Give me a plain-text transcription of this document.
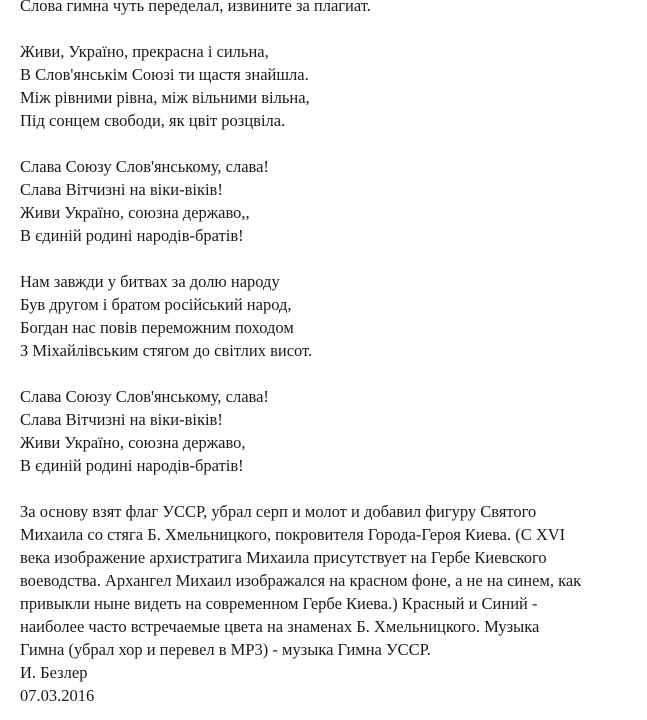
Слова гимна чуть переделал, извините за плагиат.
Живи, Україно, прекрасна і сильна,
В Слов'янськім Союзі ти щастя знайшла.
Між рівними рівна, між вільними вільна,
Під сонцем свободи, як цвіт розцвіла.
Слава Союзу Слов'янському, слава!
Слава Вітчизні на віки-віків!
Живи Україно, союзна державо,,
В єдиній родині народів-братів!
Нам завжди у битвах за долю народу
Був другом і братом російський народ,
Богдан нас повів переможним походом
З Міхайлівським стягом до світлих висот.
Слава Союзу Слов'янському, слава!
Слава Вітчизні на віки-віків!
Живи Україно, союзна державо,
В єдиній родині народів-братів!
За основу взят флаг УССР, убрал серп и молот и добавил фигуру Святого
Михаила со стяга Б. Хмельницкого, покровителя Города-Героя Киева. (С XVI
века изображение архистратига Михаила присутствует на Гербе Киевского
воеводства. Архангел Михаил изображался на красном фоне, а не на синем, как
привыкли ныне видеть на современном Гербе Киева.) Красный и Синий -
наиболее часто встречаемые цвета на знаменах Б. Хмельницкого. Музыка
Гимна (убрал хор и перевел в MP3) - музыка Гимна УССР.
И. Безлер
07.03.2016
